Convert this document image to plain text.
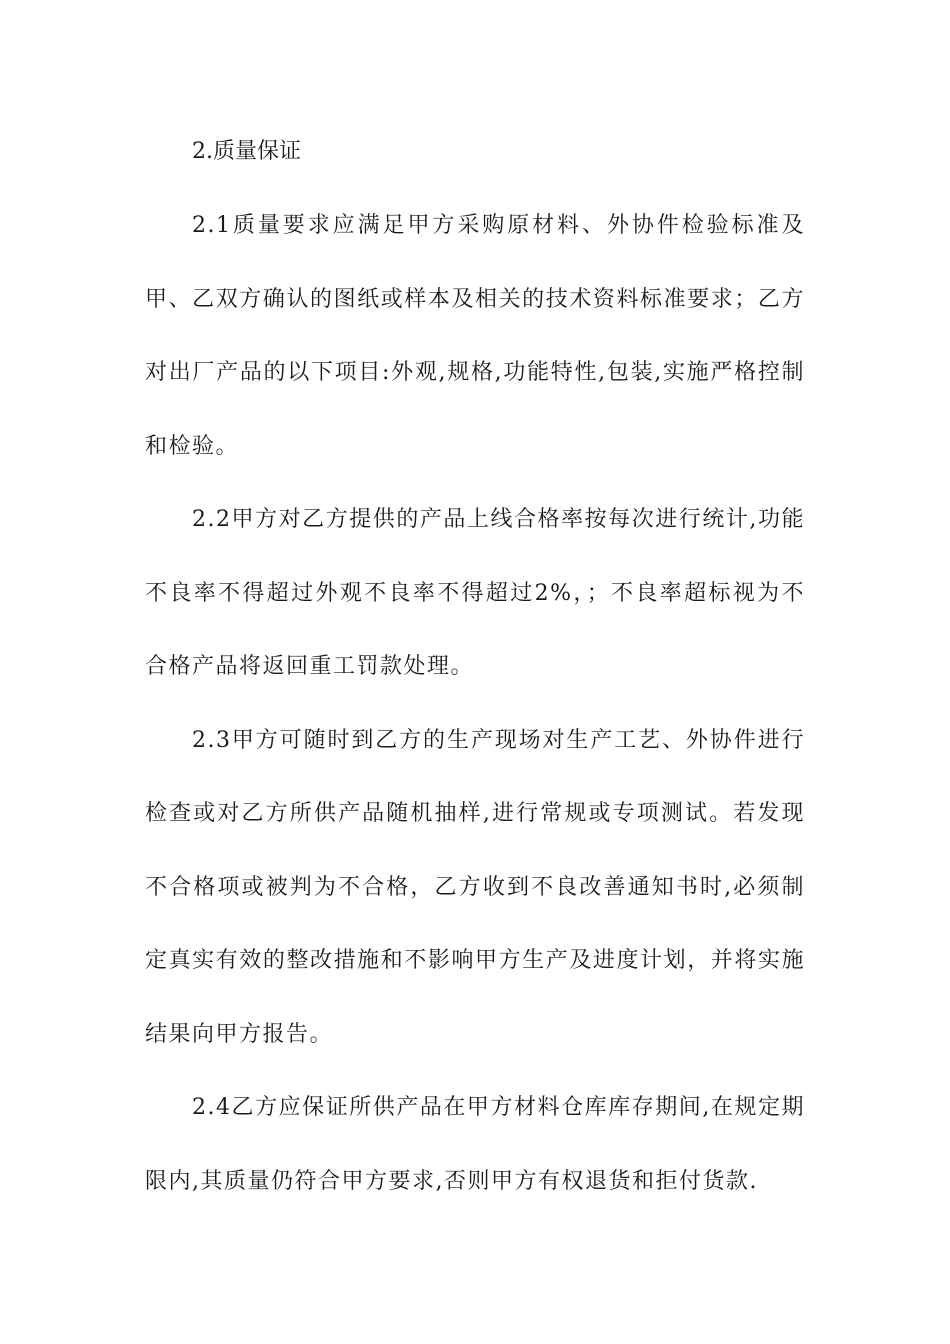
2.质量保证

2.1质量要求应满足甲方采购原材料、外协件检验标准及甲、乙双方确认的图纸或样本及相关的技术资料标准要求；乙方对出厂产品的以下项目:外观,规格,功能特性,包装,实施严格控制和检验。

2.2甲方对乙方提供的产品上线合格率按每次进行统计,功能不良率不得超过外观不良率不得超过2%，；不良率超标视为不合格产品将返回重工罚款处理。

2.3甲方可随时到乙方的生产现场对生产工艺、外协件进行检查或对乙方所供产品随机抽样,进行常规或专项测试。若发现不合格项或被判为不合格，乙方收到不良改善通知书时,必须制定真实有效的整改措施和不影响甲方生产及进度计划，并将实施结果向甲方报告。

2.4乙方应保证所供产品在甲方材料仓库库存期间,在规定期限内,其质量仍符合甲方要求,否则甲方有权退货和拒付货款.
